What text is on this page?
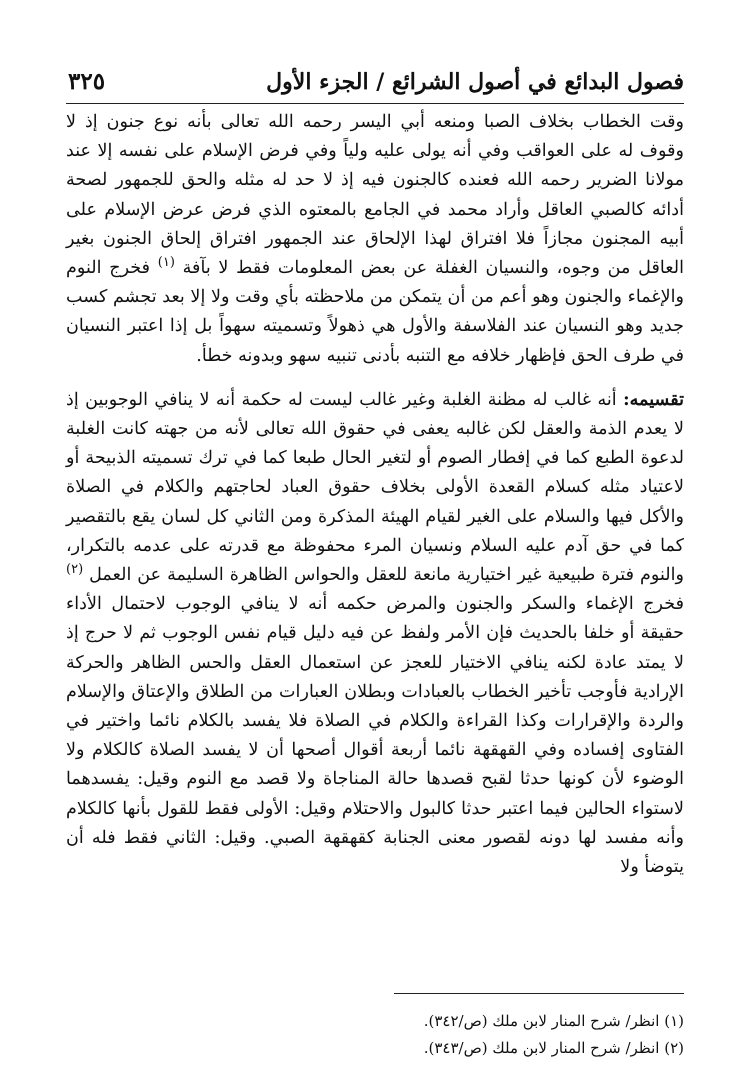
فصول البدائع في أصول الشرائع / الجزء الأول
٣٢٥

وقت الخطاب بخلاف الصبا ومنعه أبي اليسر رحمه الله تعالى بأنه نوع جنون إذ لا وقوف له على العواقب وفي أنه يولى عليه ولياً وفي فرض الإسلام على نفسه إلا عند مولانا الضرير رحمه الله فعنده كالجنون فيه إذ لا حد له مثله والحق للجمهور لصحة أدائه كالصبي العاقل وأراد محمد في الجامع بالمعتوه الذي فرض عرض الإسلام على أبيه المجنون مجازاً فلا افتراق لهذا الإلحاق عند الجمهور افتراق إلحاق الجنون بغير العاقل من وجوه، والنسيان الغفلة عن بعض المعلومات فقط لا بآفة $^{(١)}$ فخرج النوم والإغماء والجنون وهو أعم من أن يتمكن من ملاحظته بأي وقت ولا إلا بعد تجشم كسب جديد وهو النسيان عند الفلاسفة والأول هي ذهولاً وتسميته سهواً بل إذا اعتبر النسيان في طرف الحق فإظهار خلافه مع التنبه بأدنى تنبيه سهو وبدونه خطأ.

تقسيمه: أنه غالب له مظنة الغلبة وغير غالب ليست له حكمة أنه لا ينافي الوجوبين إذ لا يعدم الذمة والعقل لكن غالبه يعفى في حقوق الله تعالى لأنه من جهته كانت الغلبة لدعوة الطبع كما في إفطار الصوم أو لتغير الحال طبعا كما في ترك تسميته الذبيحة أو لاعتياد مثله كسلام القعدة الأولى بخلاف حقوق العباد لحاجتهم والكلام في الصلاة والأكل فيها والسلام على الغير لقيام الهيئة المذكرة ومن الثاني كل لسان يقع بالتقصير كما في حق آدم عليه السلام ونسيان المرء محفوظة مع قدرته على عدمه بالتكرار، والنوم فترة طبيعية غير اختيارية مانعة للعقل والحواس الظاهرة السليمة عن العمل $^{(٢)}$ فخرج الإغماء والسكر والجنون والمرض حكمه أنه لا ينافي الوجوب لاحتمال الأداء حقيقة أو خلفا بالحديث فإن الأمر ولفظ عن فيه دليل قيام نفس الوجوب ثم لا حرج إذ لا يمتد عادة لكنه ينافي الاختيار للعجز عن استعمال العقل والحس الظاهر والحركة الإرادية فأوجب تأخير الخطاب بالعبادات وبطلان العبارات من الطلاق والإعتاق والإسلام والردة والإقرارات وكذا القراءة والكلام في الصلاة فلا يفسد بالكلام نائما واختير في الفتاوى إفساده وفي القهقهة نائما أربعة أقوال أصحها أن لا يفسد الصلاة كالكلام ولا الوضوء لأن كونها حدثا لقبح قصدها حالة المناجاة ولا قصد مع النوم وقيل: يفسدهما لاستواء الحالين فيما اعتبر حدثا كالبول والاحتلام وقيل: الأولى فقط للقول بأنها كالكلام وأنه مفسد لها دونه لقصور معنى الجنابة كقهقهة الصبي. وقيل: الثاني فقط فله أن يتوضأ ولا

(١) انظر/ شرح المنار لابن ملك (ص/٣٤٢).

(٢) انظر/ شرح المنار لابن ملك (ص/٣٤٣).
